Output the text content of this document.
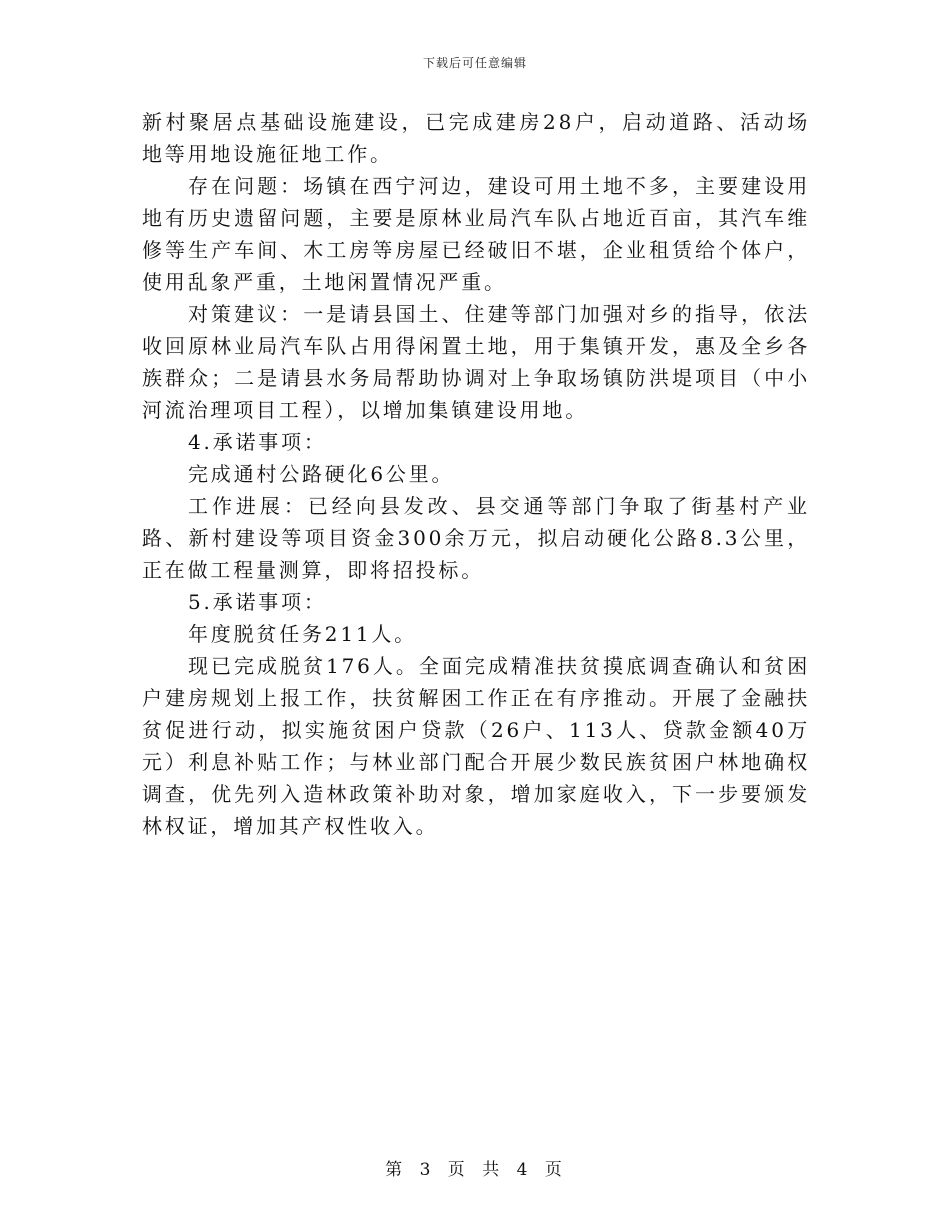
下载后可任意编辑

新村聚居点基础设施建设，已完成建房28户，启动道路、活动场地等用地设施征地工作。

存在问题：场镇在西宁河边，建设可用土地不多，主要建设用地有历史遗留问题，主要是原林业局汽车队占地近百亩，其汽车维修等生产车间、木工房等房屋已经破旧不堪，企业租赁给个体户，使用乱象严重，土地闲置情况严重。

对策建议：一是请县国土、住建等部门加强对乡的指导，依法收回原林业局汽车队占用得闲置土地，用于集镇开发，惠及全乡各族群众；二是请县水务局帮助协调对上争取场镇防洪堤项目（中小河流治理项目工程），以增加集镇建设用地。

4.承诺事项：

完成通村公路硬化6公里。

工作进展：已经向县发改、县交通等部门争取了街基村产业路、新村建设等项目资金300余万元，拟启动硬化公路8.3公里，正在做工程量测算，即将招投标。

5.承诺事项：

年度脱贫任务211人。

现已完成脱贫176人。全面完成精准扶贫摸底调查确认和贫困户建房规划上报工作，扶贫解困工作正在有序推动。开展了金融扶贫促进行动，拟实施贫困户贷款（26户、113人、贷款金额40万元）利息补贴工作；与林业部门配合开展少数民族贫困户林地确权调查，优先列入造林政策补助对象，增加家庭收入，下一步要颁发林权证，增加其产权性收入。

第 3 页 共 4 页
